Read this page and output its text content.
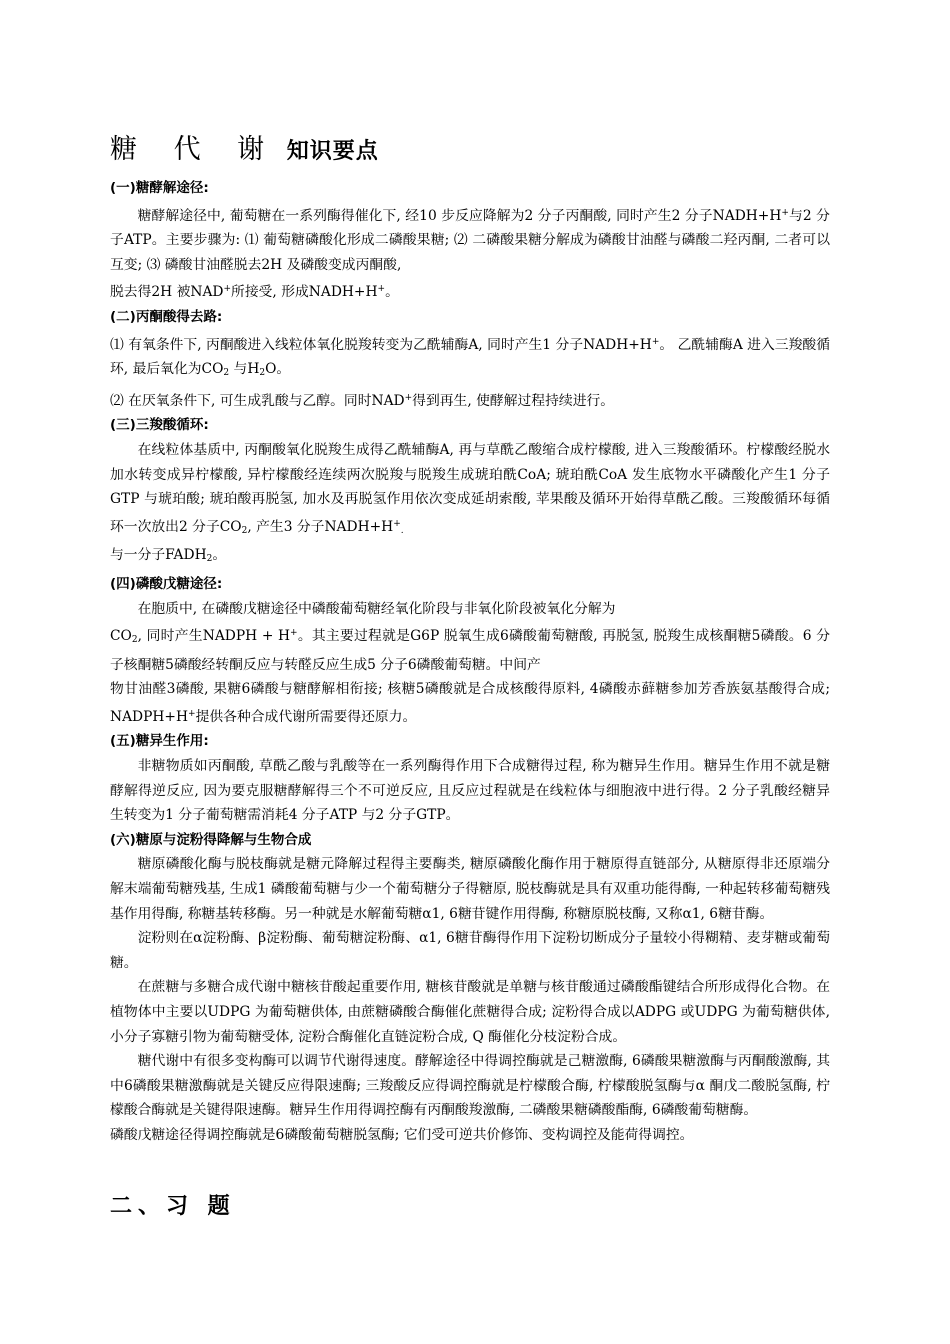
糖 代 谢 知识要点

(一)糖酵解途径:

糖酵解途径中, 葡萄糖在一系列酶得催化下, 经10 步反应降解为2 分子丙酮酸, 同时产生2 分子NADH+H+与2 分子ATP。主要步骤为: ⑴ 葡萄糖磷酸化形成二磷酸果糖; ⑵ 二磷酸果糖分解成为磷酸甘油醛与磷酸二羟丙酮, 二者可以互变; ⑶ 磷酸甘油醛脱去2H 及磷酸变成丙酮酸,
脱去得2H 被NAD+所接受, 形成NADH+H+。

(二)丙酮酸得去路:

⑴ 有氧条件下, 丙酮酸进入线粒体氧化脱羧转变为乙酰辅酶A, 同时产生1 分子NADH+H+。 乙酰辅酶A 进入三羧酸循环, 最后氧化为$CO_2$ 与$H_2O$。

⑵ 在厌氧条件下, 可生成乳酸与乙醇。同时NAD+得到再生, 使酵解过程持续进行。

(三)三羧酸循环:

在线粒体基质中, 丙酮酸氧化脱羧生成得乙酰辅酶A, 再与草酰乙酸缩合成柠檬酸, 进入三羧酸循环。柠檬酸经脱水加水转变成异柠檬酸, 异柠檬酸经连续两次脱羧与脱羧生成琥珀酰CoA; 琥珀酰CoA 发生底物水平磷酸化产生1 分子GTP 与琥珀酸; 琥珀酸再脱氢, 加水及再脱氢作用依次变成延胡索酸, 苹果酸及循环开始得草酰乙酸。三羧酸循环每循环一次放出2 分子$CO_2$, 产生3 分子$NADH+H^+_.$
与一分子$FADH_2$。

(四)磷酸戊糖途径:

在胞质中, 在磷酸戊糖途径中磷酸葡萄糖经氧化阶段与非氧化阶段被氧化分解为
$CO_2$, 同时产生NADPH + H+。其主要过程就是G6P 脱氧生成6磷酸葡萄糖酸, 再脱氢, 脱羧生成核酮糖5磷酸。6 分子核酮糖5磷酸经转酮反应与转醛反应生成5 分子6磷酸葡萄糖。中间产
物甘油醛3磷酸, 果糖6磷酸与糖酵解相衔接; 核糖5磷酸就是合成核酸得原料, 4磷酸赤藓糖参加芳香族氨基酸得合成; NADPH+H+提供各种合成代谢所需要得还原力。

(五)糖异生作用:

非糖物质如丙酮酸, 草酰乙酸与乳酸等在一系列酶得作用下合成糖得过程, 称为糖异生作用。糖异生作用不就是糖酵解得逆反应, 因为要克服糖酵解得三个不可逆反应, 且反应过程就是在线粒体与细胞液中进行得。2 分子乳酸经糖异生转变为1 分子葡萄糖需消耗4 分子ATP 与2 分子GTP。

(六)糖原与淀粉得降解与生物合成

糖原磷酸化酶与脱枝酶就是糖元降解过程得主要酶类, 糖原磷酸化酶作用于糖原得直链部分, 从糖原得非还原端分解末端葡萄糖残基, 生成1 磷酸葡萄糖与少一个葡萄糖分子得糖原, 脱枝酶就是具有双重功能得酶, 一种起转移葡萄糖残基作用得酶, 称糖基转移酶。另一种就是水解葡萄糖α1, 6糖苷键作用得酶, 称糖原脱枝酶, 又称α1, 6糖苷酶。

淀粉则在α淀粉酶、β淀粉酶、葡萄糖淀粉酶、α1, 6糖苷酶得作用下淀粉切断成分子量较小得糊精、麦芽糖或葡萄糖。

在蔗糖与多糖合成代谢中糖核苷酸起重要作用, 糖核苷酸就是单糖与核苷酸通过磷酸酯键结合所形成得化合物。在植物体中主要以UDPG 为葡萄糖供体, 由蔗糖磷酸合酶催化蔗糖得合成; 淀粉得合成以ADPG 或UDPG 为葡萄糖供体, 小分子寡糖引物为葡萄糖受体, 淀粉合酶催化直链淀粉合成, Q 酶催化分枝淀粉合成。

糖代谢中有很多变构酶可以调节代谢得速度。酵解途径中得调控酶就是己糖激酶, 6磷酸果糖激酶与丙酮酸激酶, 其中6磷酸果糖激酶就是关键反应得限速酶; 三羧酸反应得调控酶就是柠檬酸合酶, 柠檬酸脱氢酶与α 酮戊二酸脱氢酶, 柠檬酸合酶就是关键得限速酶。糖异生作用得调控酶有丙酮酸羧激酶, 二磷酸果糖磷酸酯酶, 6磷酸葡萄糖酶。

磷酸戊糖途径得调控酶就是6磷酸葡萄糖脱氢酶; 它们受可逆共价修饰、变构调控及能荷得调控。

二、习 题
